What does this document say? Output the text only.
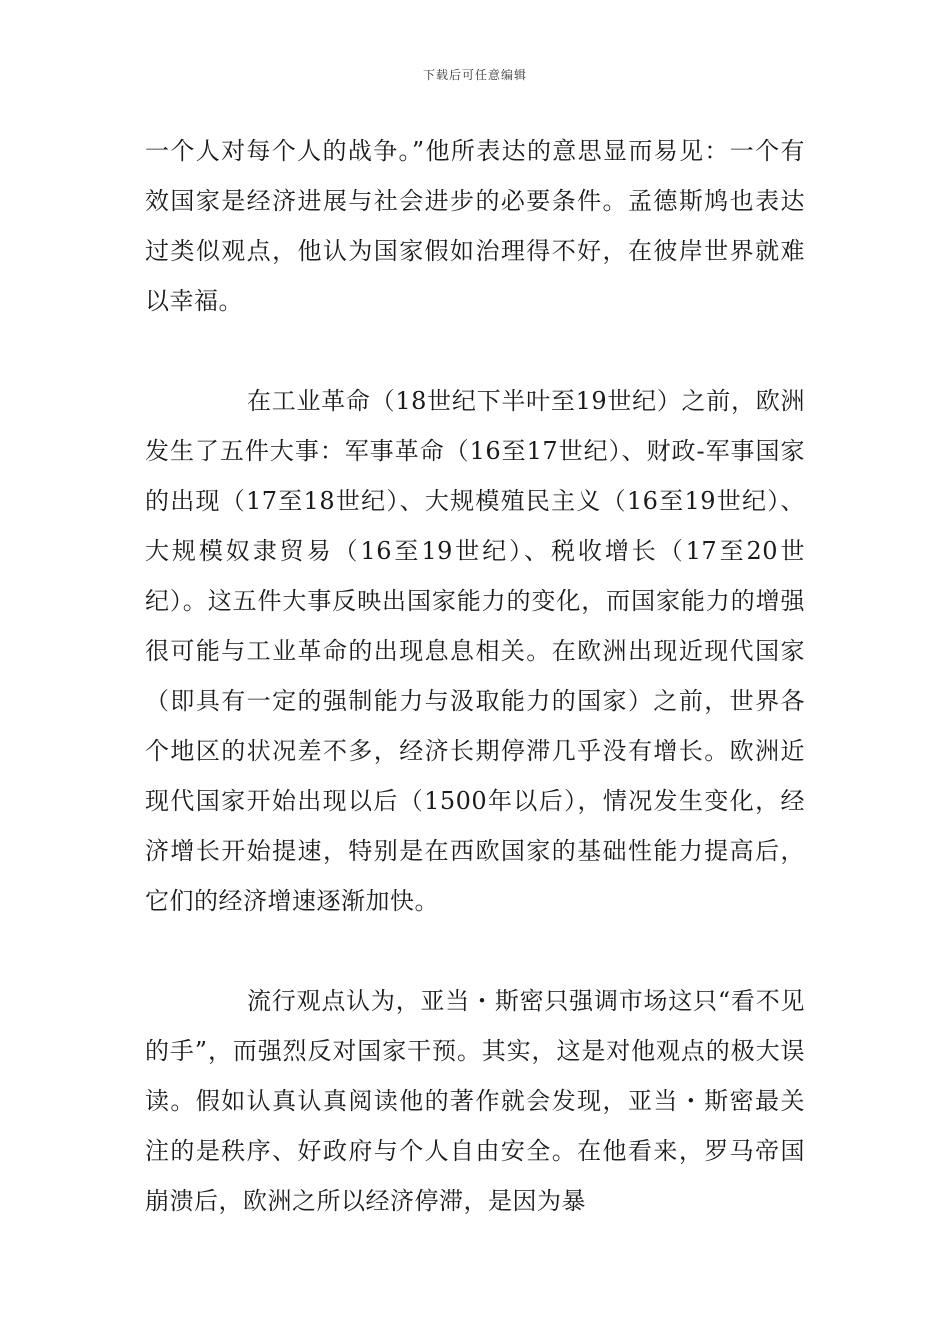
下载后可任意编辑

一个人对每个人的战争。”他所表达的意思显而易见：一个有效国家是经济进展与社会进步的必要条件。孟德斯鸠也表达过类似观点，他认为国家假如治理得不好，在彼岸世界就难以幸福。

在工业革命（18世纪下半叶至19世纪）之前，欧洲发生了五件大事：军事革命（16至17世纪）、财政-军事国家的出现（17至18世纪）、大规模殖民主义（16至19世纪）、大规模奴隶贸易（16至19世纪）、税收增长（17至20世纪）。这五件大事反映出国家能力的变化，而国家能力的增强很可能与工业革命的出现息息相关。在欧洲出现近现代国家（即具有一定的强制能力与汲取能力的国家）之前，世界各个地区的状况差不多，经济长期停滞几乎没有增长。欧洲近现代国家开始出现以后（1500年以后），情况发生变化，经济增长开始提速，特别是在西欧国家的基础性能力提高后，它们的经济增速逐渐加快。

流行观点认为，亚当・斯密只强调市场这只“看不见的手”，而强烈反对国家干预。其实，这是对他观点的极大误读。假如认真认真阅读他的著作就会发现，亚当・斯密最关注的是秩序、好政府与个人自由安全。在他看来，罗马帝国崩溃后，欧洲之所以经济停滞，是因为暴
